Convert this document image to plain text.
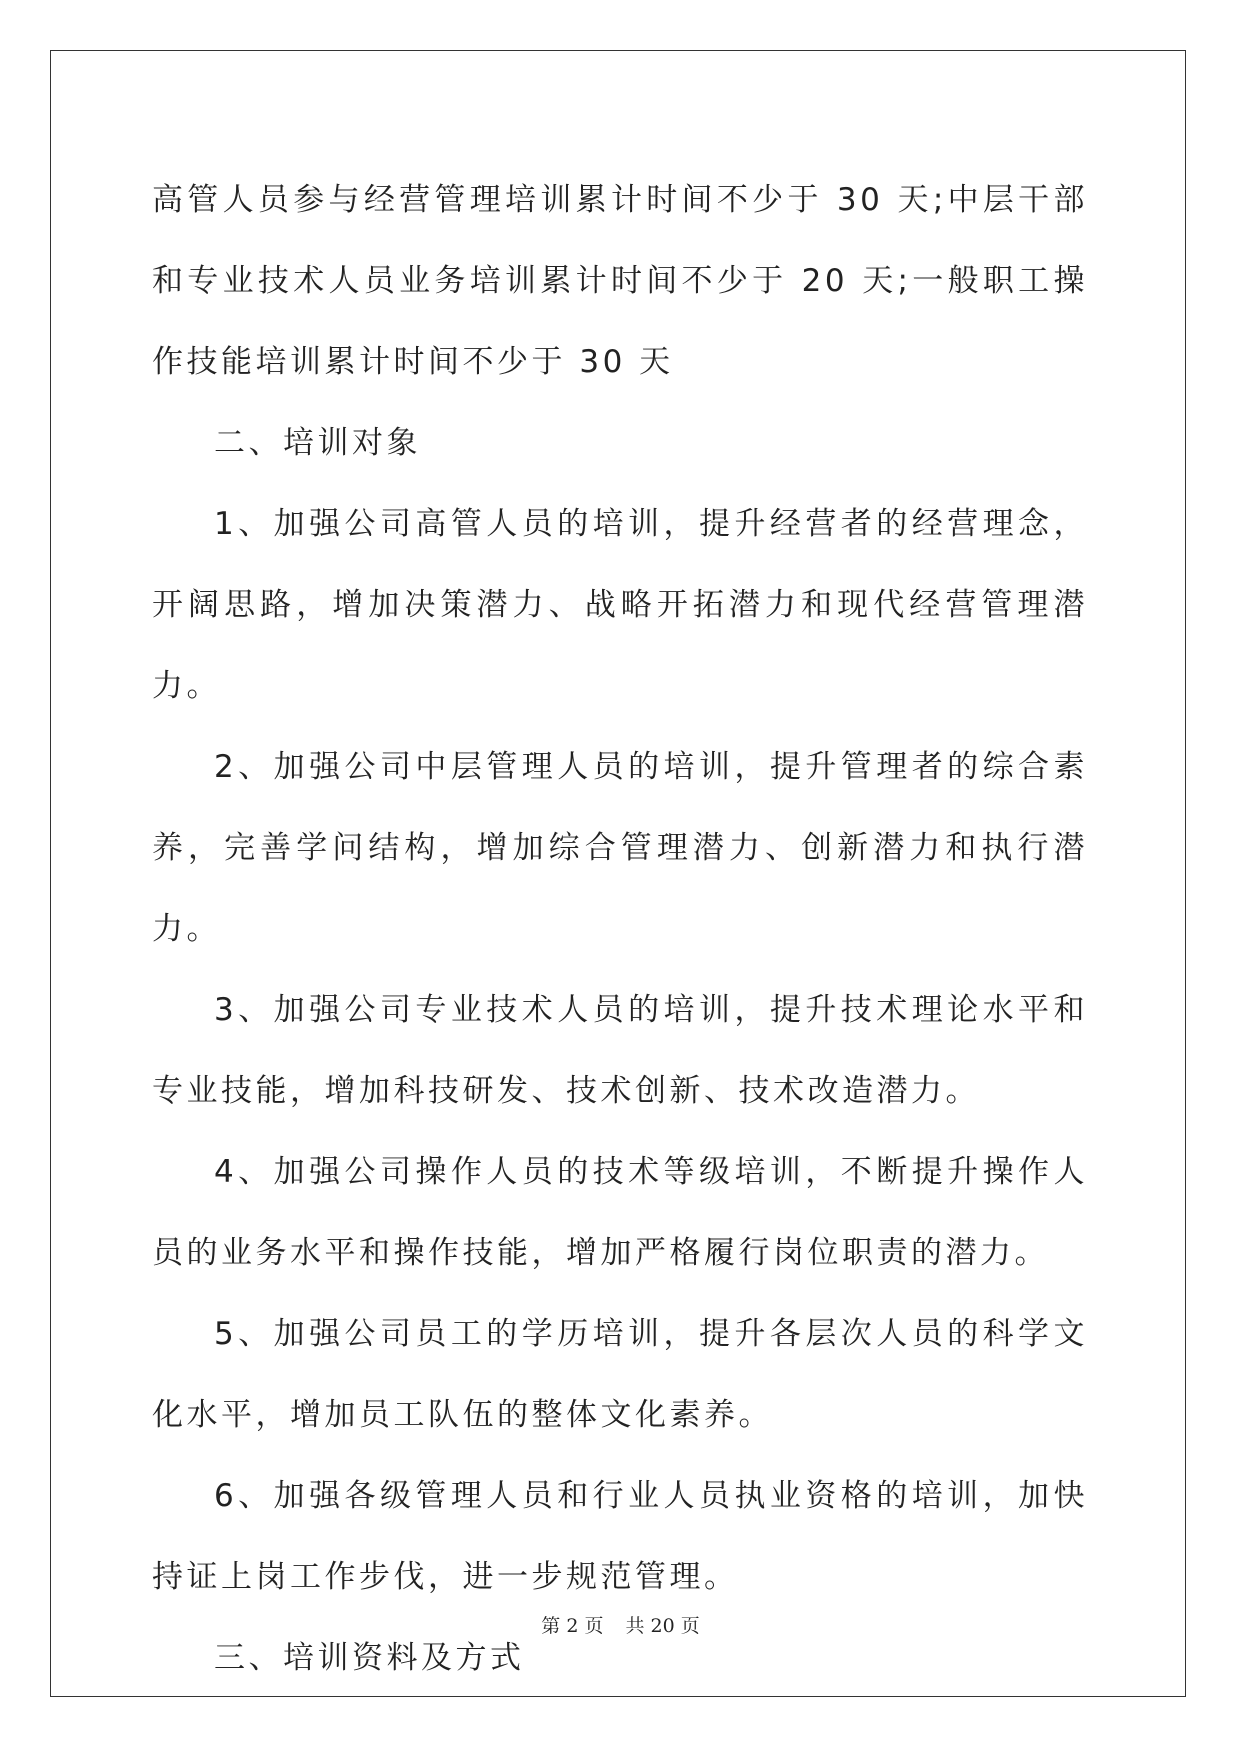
高管人员参与经营管理培训累计时间不少于 30 天;中层干部和专业技术人员业务培训累计时间不少于 20 天;一般职工操作技能培训累计时间不少于 30 天

二、培训对象

1、加强公司高管人员的培训，提升经营者的经营理念，开阔思路，增加决策潜力、战略开拓潜力和现代经营管理潜力。

2、加强公司中层管理人员的培训，提升管理者的综合素养，完善学问结构，增加综合管理潜力、创新潜力和执行潜力。

3、加强公司专业技术人员的培训，提升技术理论水平和专业技能，增加科技研发、技术创新、技术改造潜力。

4、加强公司操作人员的技术等级培训，不断提升操作人员的业务水平和操作技能，增加严格履行岗位职责的潜力。

5、加强公司员工的学历培训，提升各层次人员的科学文化水平，增加员工队伍的整体文化素养。

6、加强各级管理人员和行业人员执业资格的培训，加快持证上岗工作步伐，进一步规范管理。

三、培训资料及方式

第 2 页 共 20 页
